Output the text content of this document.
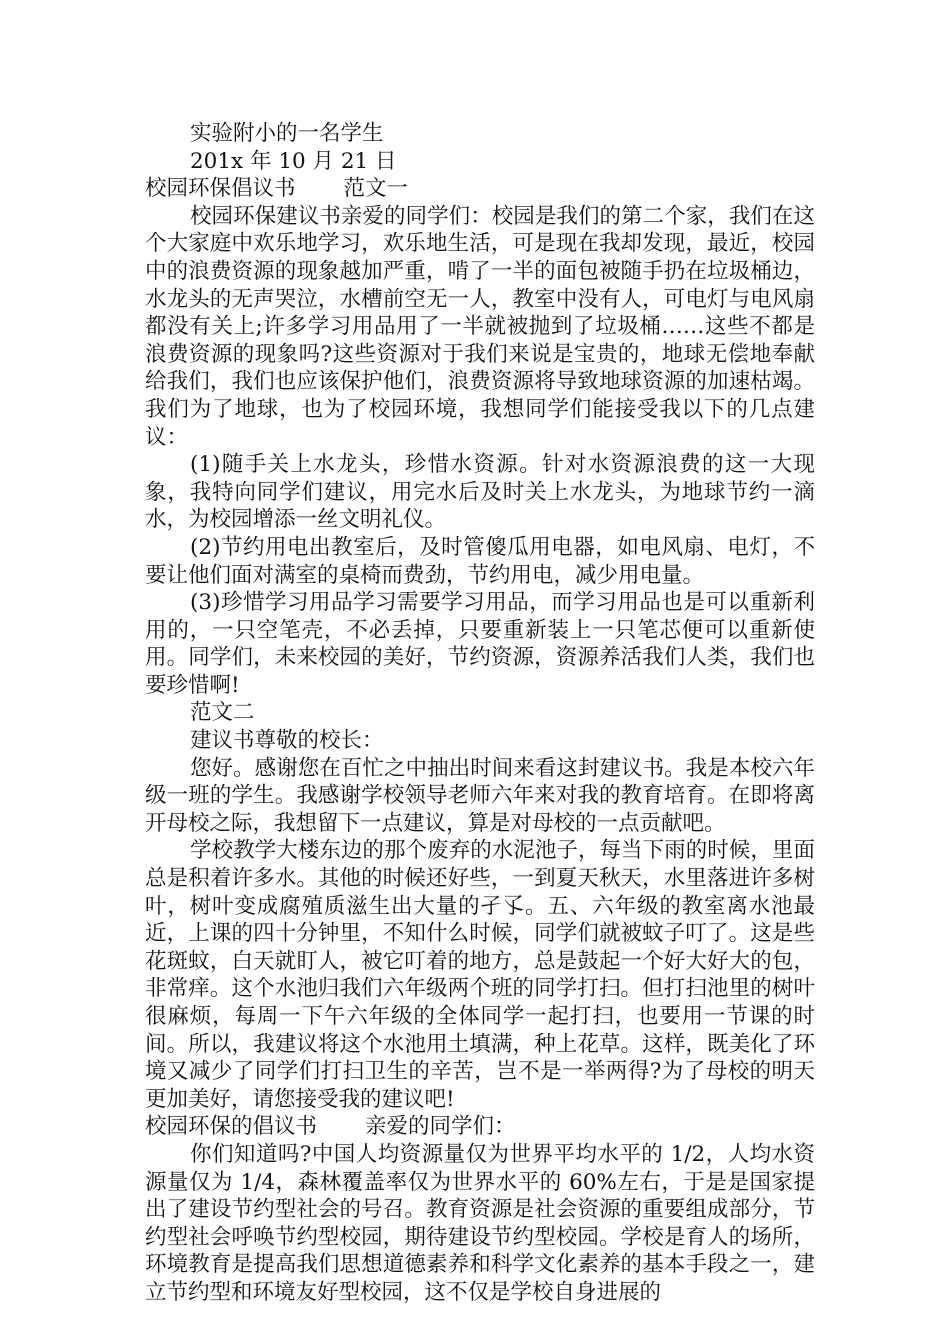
实验附小的一名学生

201x 年 10 月 21 日

校园环保倡议书 范文一

校园环保建议书亲爱的同学们：校园是我们的第二个家，我们在这个大家庭中欢乐地学习，欢乐地生活，可是现在我却发现，最近，校园中的浪费资源的现象越加严重，啃了一半的面包被随手扔在垃圾桶边，水龙头的无声哭泣，水槽前空无一人，教室中没有人，可电灯与电风扇都没有关上;许多学习用品用了一半就被抛到了垃圾桶……这些不都是浪费资源的现象吗?这些资源对于我们来说是宝贵的，地球无偿地奉献给我们，我们也应该保护他们，浪费资源将导致地球资源的加速枯竭。我们为了地球，也为了校园环境，我想同学们能接受我以下的几点建议：

(1)随手关上水龙头，珍惜水资源。针对水资源浪费的这一大现象，我特向同学们建议，用完水后及时关上水龙头，为地球节约一滴水，为校园增添一丝文明礼仪。

(2)节约用电出教室后，及时管傻瓜用电器，如电风扇、电灯，不要让他们面对满室的桌椅而费劲，节约用电，减少用电量。

(3)珍惜学习用品学习需要学习用品，而学习用品也是可以重新利用的，一只空笔壳，不必丢掉，只要重新装上一只笔芯便可以重新使用。同学们，未来校园的美好，节约资源，资源养活我们人类，我们也要珍惜啊!

范文二

建议书尊敬的校长：

您好。感谢您在百忙之中抽出时间来看这封建议书。我是本校六年级一班的学生。我感谢学校领导老师六年来对我的教育培育。在即将离开母校之际，我想留下一点建议，算是对母校的一点贡献吧。

学校教学大楼东边的那个废弃的水泥池子，每当下雨的时候，里面总是积着许多水。其他的时候还好些，一到夏天秋天，水里落进许多树叶，树叶变成腐殖质滋生出大量的孑孓。五、六年级的教室离水池最近，上课的四十分钟里，不知什么时候，同学们就被蚊子叮了。这是些花斑蚊，白天就盯人，被它叮着的地方，总是鼓起一个好大好大的包，非常痒。这个水池归我们六年级两个班的同学打扫。但打扫池里的树叶很麻烦，每周一下午六年级的全体同学一起打扫，也要用一节课的时间。所以，我建议将这个水池用土填满，种上花草。这样，既美化了环境又减少了同学们打扫卫生的辛苦，岂不是一举两得?为了母校的明天更加美好，请您接受我的建议吧!

校园环保的倡议书 亲爱的同学们：

你们知道吗?中国人均资源量仅为世界平均水平的 1/2，人均水资源量仅为 1/4，森林覆盖率仅为世界水平的 60%左右，于是是国家提出了建设节约型社会的号召。教育资源是社会资源的重要组成部分，节约型社会呼唤节约型校园，期待建设节约型校园。学校是育人的场所，环境教育是提高我们思想道德素养和科学文化素养的基本手段之一，建立节约型和环境友好型校园，这不仅是学校自身进展的
